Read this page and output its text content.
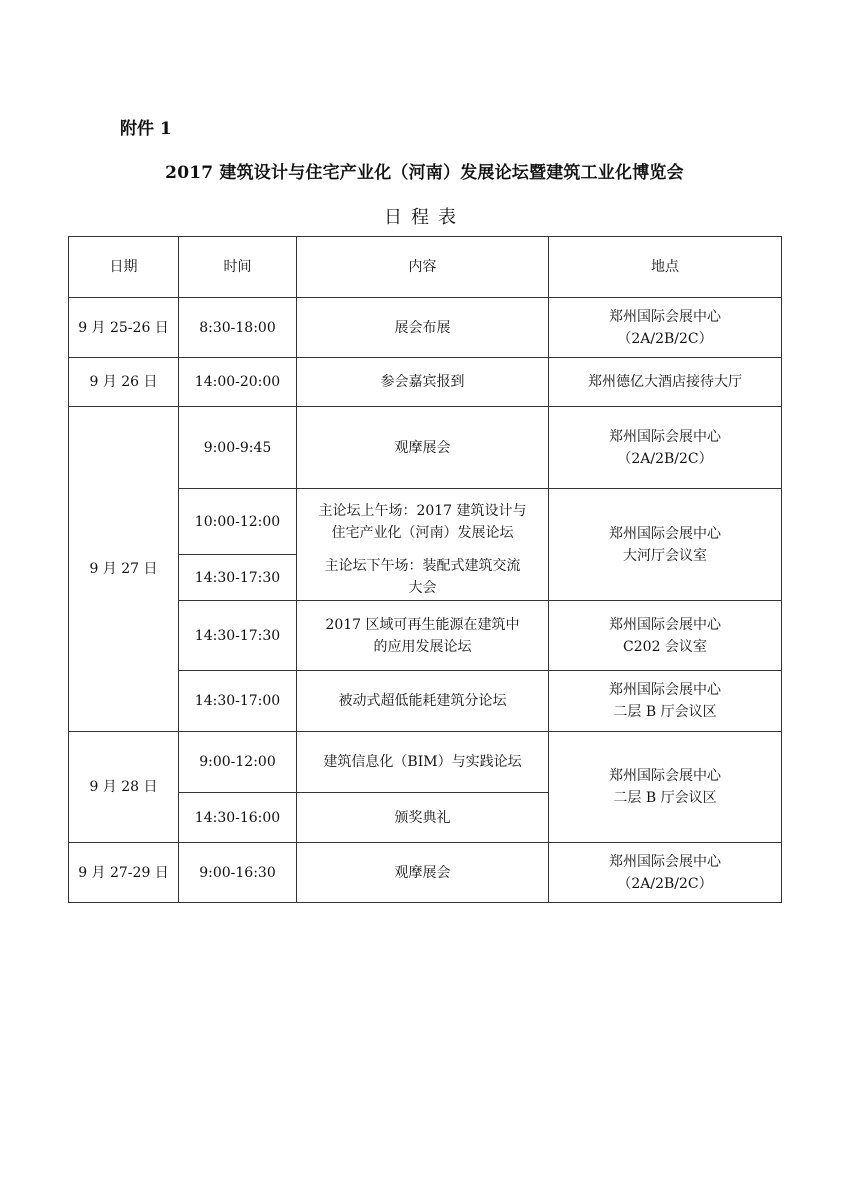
附件 1
2017 建筑设计与住宅产业化（河南）发展论坛暨建筑工业化博览会
日程表
日期	时间	内容	地点
9 月 25-26 日	8:30-18:00	展会布展	郑州国际会展中心
（2A/2B/2C）

9 月 26 日	14:00-20:00	参会嘉宾报到	郑州德亿大酒店接待大厅
9 月 27 日	9:00-9:45	观摩展会	郑州国际会展中心
（2A/2B/2C）

	10:00-12:00	主论坛上午场：2017 建筑设计与
住宅产业化（河南）发展论坛	郑州国际会展中心
大河厅会议室

	14:30-17:30	主论坛下午场：装配式建筑交流
大会	

	14:30-17:30	2017 区域可再生能源在建筑中
的应用发展论坛	郑州国际会展中心
C202 会议室

	14:30-17:00	被动式超低能耗建筑分论坛	郑州国际会展中心
二层 B 厅会议区

9 月 28 日	9:00-12:00	建筑信息化（BIM）与实践论坛	郑州国际会展中心
二层 B 厅会议区

	14:30-16:00	颁奖典礼	
9 月 27-29 日	9:00-16:30	观摩展会	郑州国际会展中心
（2A/2B/2C）
